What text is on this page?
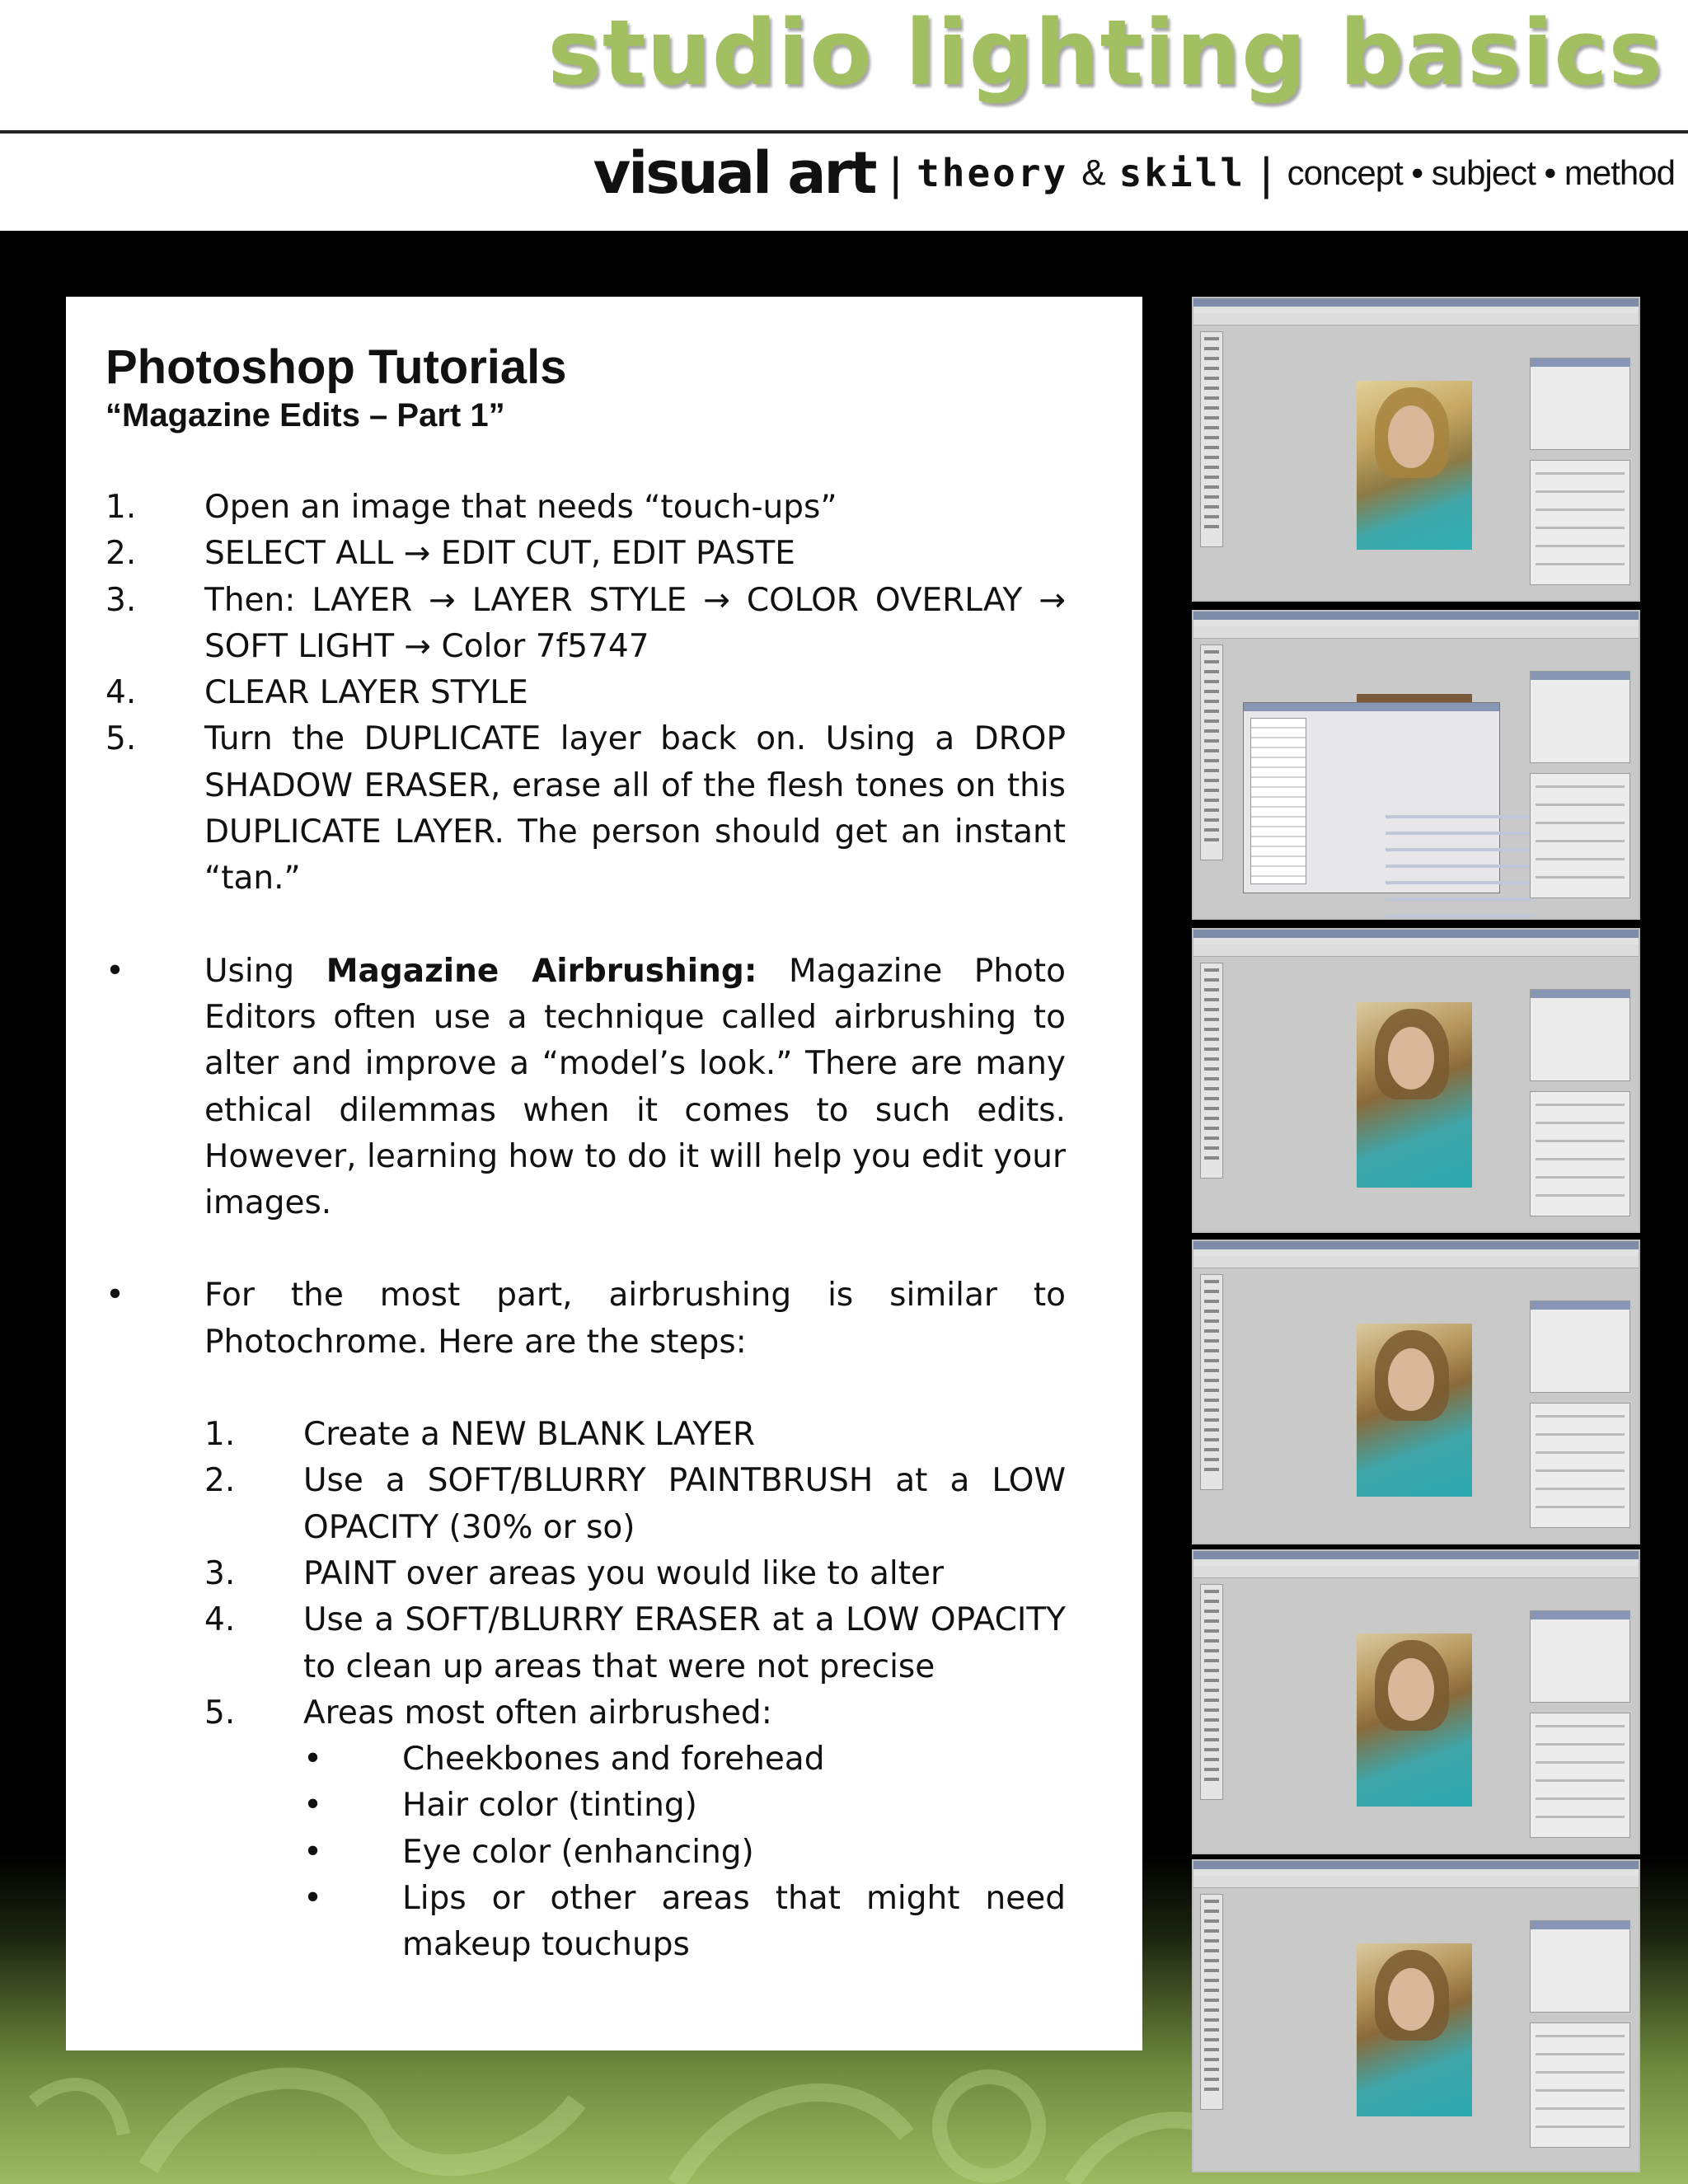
studio lighting basics
visual art | theory & skill | concept • subject • method
Photoshop Tutorials
“Magazine Edits – Part 1”
1.	Open an image that needs “touch-ups”
2.	SELECT ALL → EDIT CUT, EDIT PASTE
3.	Then: LAYER → LAYER STYLE → COLOR OVERLAY → SOFT LIGHT → Color 7f5747
4.	CLEAR LAYER STYLE
5.	Turn the DUPLICATE layer back on. Using a DROP SHADOW ERASER, erase all of the flesh tones on this DUPLICATE LAYER. The person should get an instant “tan.”
•	Using Magazine Airbrushing: Magazine Photo Editors often use a technique called airbrushing to alter and improve a “model’s look.” There are many ethical dilemmas when it comes to such edits. However, learning how to do it will help you edit your images.
•	For the most part, airbrushing is similar to Photochrome. Here are the steps:
1.	Create a NEW BLANK LAYER
2.	Use a SOFT/BLURRY PAINTBRUSH at a LOW OPACITY (30% or so)
3.	PAINT over areas you would like to alter
4.	Use a SOFT/BLURRY ERASER at a LOW OPACITY to clean up areas that were not precise
5.	Areas most often airbrushed:
•	Cheekbones and forehead
•	Hair color (tinting)
•	Eye color (enhancing)
•	Lips or other areas that might need makeup touchups
